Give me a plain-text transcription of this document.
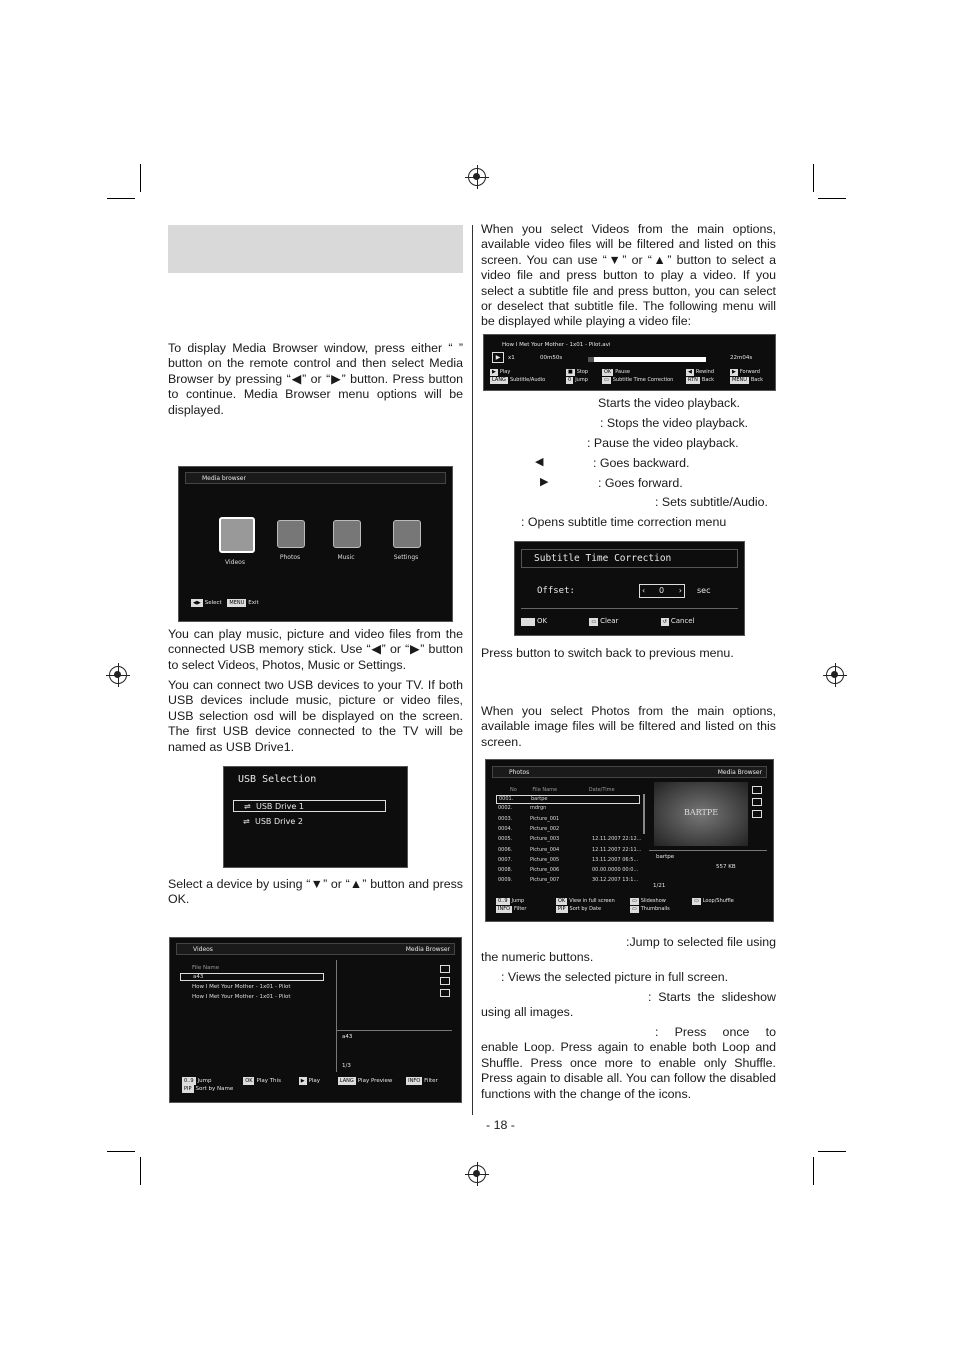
To display Media Browser window, press either “ ” button on the remote control and then select Media Browser by pressing “◀” or “▶” button. Press button to continue. Media Browser menu options will be displayed.
Media browser
Videos
Photos	Music	Settings
◀▶ Select MENU Exit
You can play music, picture and video files from the connected USB memory stick. Use “◀” or “▶” button to select Videos, Photos, Music or Settings.
You can connect two USB devices to your TV. If both USB devices include music, picture or video files, USB selection osd will be displayed on the screen. The first USB device connected to the TV will be named as USB Drive1.
USB Selection
⇌ USB Drive 1
⇌ USB Drive 2
Select a device by using “▼” or “▲” button and press OK.
Videos	Media Browser
File Name
a43
How I Met Your Mother - 1x01 - Pilot
How I Met Your Mother - 1x01 - Pilot
a43
1/3
0..9 Jump	OK Play This	▶ Play	LANG Play Preview	INFO Filter
PIP Sort by Name
When you select Videos from the main options, available video files will be filtered and listed on this screen. You can use “▼” or “▲” button to select a video file and press button to play a video. If you select a subtitle file and press button, you can select or deselect that subtitle file. The following menu will be displayed while playing a video file:
How I Met Your Mother - 1x01 - Pilot.avi
▶	x1	00m50s	22m04s
▶ Play
LANG Subtitle/Audio
■ Stop
0 Jump
OK Pause
▭ Subtitle Time Correction
◀ Rewind
RTN Back
▶ Forward
MENU Back
Starts the video playback.
: Stops the video playback.
: Pause the video playback.
◀	: Goes backward.
▶	: Goes forward.
: Sets subtitle/Audio.
: Opens subtitle time correction menu
Subtitle Time Correction
Offset:	‹ 0 › sec
OK	▭ Clear	↺ Cancel
Press button to switch back to previous menu.
When you select Photos from the main options, available image files will be filtered and listed on this screen.
Photos	Media Browser
No	File Name	Date/Time
0001.	bartpe
0002.	mdrgn
0003.	Picture_001
0004.	Picture_002
0005.	Picture_003	12.11.2007 22:12...
0006.	Picture_004	12.11.2007 22:11...
0007.	Picture_005	13.11.2007 06:5...
0008.	Picture_006	00.00.0000 00:0...
0009.	Picture_007	30.12.2007 13:1...
BARTPE
bartpe
557 KB
1/21
0..9 Jump
INFO Filter
OK View in full screen
PIP Sort by Date
▭ Slideshow
▭ Thumbnails
▭ Loop/Shuffle
:Jump to selected file using the numeric buttons.
: Views the selected picture in full screen.
: Starts the slideshow using all images.
: Press once to enable Loop. Press again to enable both Loop and Shuffle. Press once more to enable only Shuffle. Press again to disable all. You can follow the disabled functions with the change of the icons.
- 18 -
